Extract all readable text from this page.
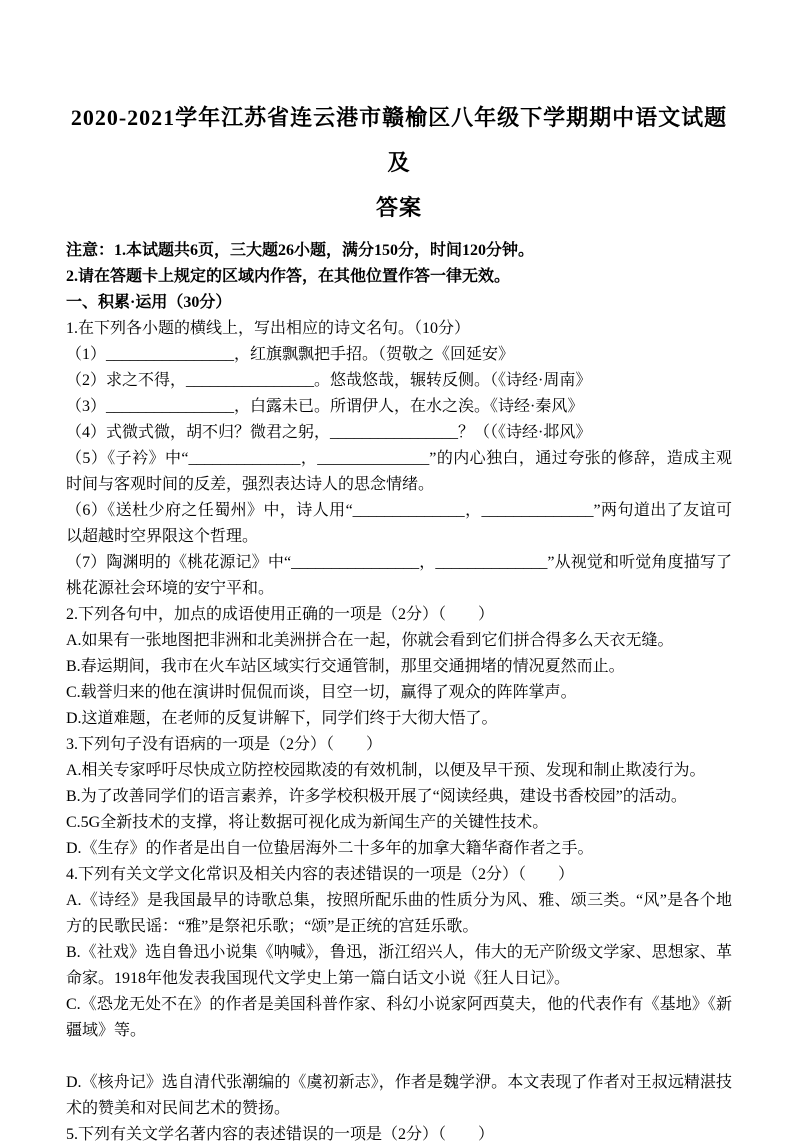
2020-2021学年江苏省连云港市赣榆区八年级下学期期中语文试题及
答案

注意：1.本试题共6页，三大题26小题，满分150分，时间120分钟。

2.请在答题卡上规定的区域内作答，在其他位置作答一律无效。

一、积累·运用（30分）

1.在下列各小题的横线上，写出相应的诗文名句。（10分）

（1）________________，红旗飘飘把手招。（贺敬之《回延安》

（2）求之不得，________________。悠哉悠哉，辗转反侧。（《诗经·周南》

（3）________________，白露未已。所谓伊人，在水之涘。《诗经·秦风》

（4）式微式微，胡不归？微君之躬，________________？（（《诗经·邶风》

（5）《子衿》中“______________，______________”的内心独白，通过夸张的修辞，造成主观时间与客观时间的反差，强烈表达诗人的思念情绪。

（6）《送杜少府之任蜀州》中，诗人用“______________，______________”两句道出了友谊可以超越时空界限这个哲理。

（7）陶渊明的《桃花源记》中“________________，______________”从视觉和听觉角度描写了桃花源社会环境的安宁平和。

2.下列各句中，加点的成语使用正确的一项是（2分）（　　）

A.如果有一张地图把非洲和北美洲拼合在一起，你就会看到它们拼合得多么天衣无缝。

B.春运期间，我市在火车站区域实行交通管制，那里交通拥堵的情况夏然而止。

C.载誉归来的他在演讲时侃侃而谈，目空一切，赢得了观众的阵阵掌声。

D.这道难题，在老师的反复讲解下，同学们终于大彻大悟了。

3.下列句子没有语病的一项是（2分）（　　）

A.相关专家呼吁尽快成立防控校园欺凌的有效机制，以便及早干预、发现和制止欺凌行为。

B.为了改善同学们的语言素养，许多学校积极开展了“阅读经典，建设书香校园”的活动。

C.5G全新技术的支撑，将让数据可视化成为新闻生产的关键性技术。

D.《生存》的作者是出自一位蛰居海外二十多年的加拿大籍华裔作者之手。

4.下列有关文学文化常识及相关内容的表述错误的一项是（2分）（　　）

A.《诗经》是我国最早的诗歌总集，按照所配乐曲的性质分为风、雅、颂三类。“风”是各个地方的民歌民谣：“雅”是祭祀乐歌；“颂”是正统的宫廷乐歌。

B.《社戏》选自鲁迅小说集《呐喊》，鲁迅，浙江绍兴人，伟大的无产阶级文学家、思想家、革命家。1918年他发表我国现代文学史上第一篇白话文小说《狂人日记》。

C.《恐龙无处不在》的作者是美国科普作家、科幻小说家阿西莫夫，他的代表作有《基地》《新疆域》等。

D.《核舟记》选自清代张潮编的《虞初新志》，作者是魏学洢。本文表现了作者对王叔远精湛技术的赞美和对民间艺术的赞扬。

5.下列有关文学名著内容的表述错误的一项是（2分）（　　）
